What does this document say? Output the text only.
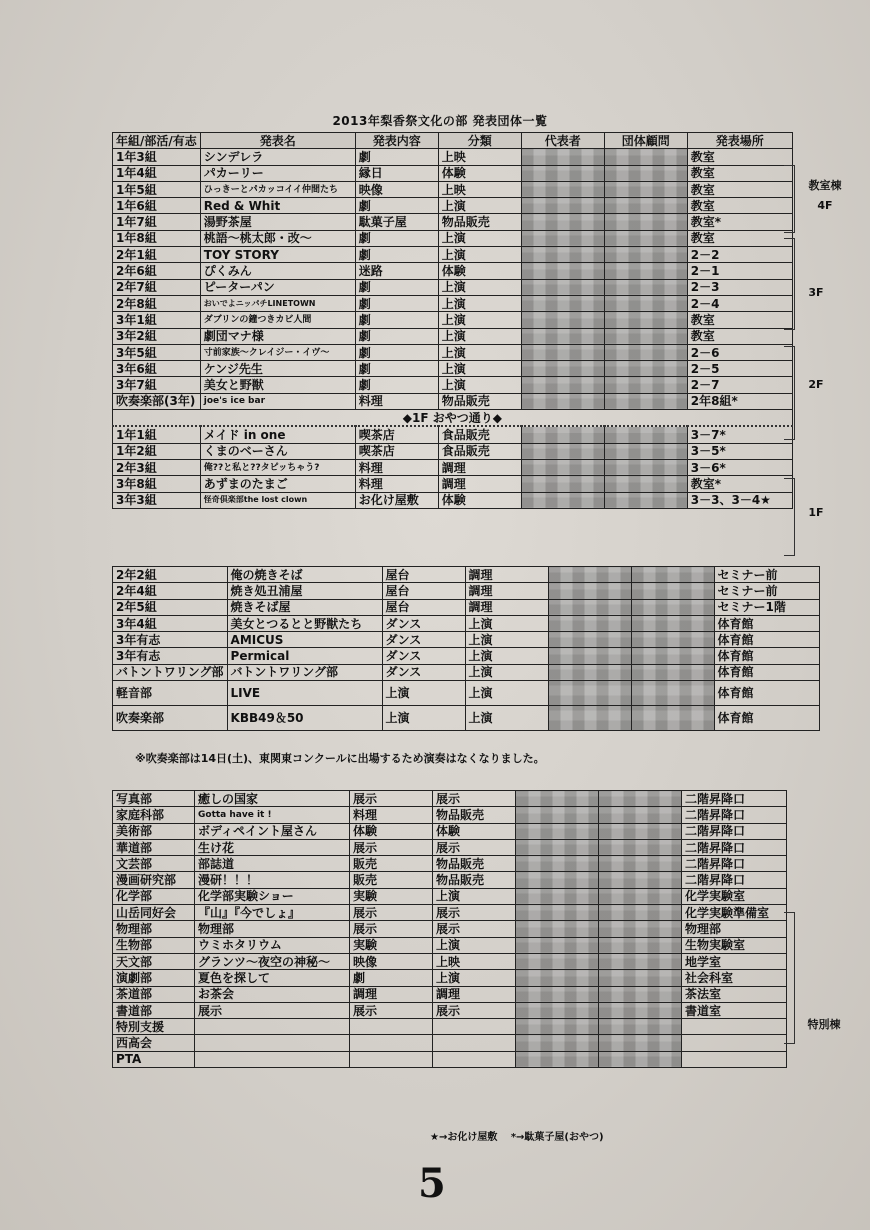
2013年梨香祭文化の部 発表団体一覧
年組/部活/有志	発表名	発表内容	分類	代表者	団体顧問	発表場所
1年3組	シンデレラ	劇	上映			教室
1年4組	パカーリー	縁日	体験			教室
1年5組	ひっきーとパカッコイイ仲間たち	映像	上映			教室
1年6組	Red & Whit	劇	上演			教室
1年7組	湯野茶屋	駄菓子屋	物品販売			教室*
1年8組	桃語～桃太郎・改～	劇	上演			教室
2年1組	TOY STORY	劇	上演			2－2
2年6組	ぴくみん	迷路	体験			2－1
2年7組	ピーターパン	劇	上演			2－3
2年8組	おいでよニッパチLINETOWN	劇	上演			2－4
3年1組	ダブリンの鐘つきカビ人間	劇	上演			教室
3年2組	劇団マナ様	劇	上演			教室
3年5組	寸前家族～クレイジー・イヴ～	劇	上演			2－6
3年6組	ケンジ先生	劇	上演			2－5
3年7組	美女と野獣	劇	上演			2－7
吹奏楽部(3年)	joe's ice bar	料理	物品販売			2年8組*
◆1F おやつ通り◆						
1年1組	メイド in one	喫茶店	食品販売			3－7*
1年2組	くまのベーさん	喫茶店	食品販売			3－5*
2年3組	俺??と私と??タピッちゃう?	料理	調理			3－6*
3年8組	あずまのたまご	料理	調理			教室*
3年3組	怪奇倶楽部the lost clown	お化け屋敷	体験			3－3、3－4★
2年2組	俺の焼きそば	屋台	調理			セミナー前
2年4組	焼き処丑浦屋	屋台	調理			セミナー前
2年5組	焼きそば屋	屋台	調理			セミナー1階
3年4組	美女とつるとと野獣たち	ダンス	上演			体育館
3年有志	AMICUS	ダンス	上演			体育館
3年有志	Permical	ダンス	上演			体育館
バトントワリング部	バトントワリング部	ダンス	上演			体育館
軽音部	LIVE	上演	上演			体育館
吹奏楽部	KBB49＆50	上演	上演			体育館
※吹奏楽部は14日(土)、東関東コンクールに出場するため演奏はなくなりました。
写真部	癒しの国家	展示	展示			二階昇降口
家庭科部	Gotta have it !	料理	物品販売			二階昇降口
美術部	ボディペイント屋さん	体験	体験			二階昇降口
華道部	生け花	展示	展示			二階昇降口
文芸部	部誌道	販売	物品販売			二階昇降口
漫画研究部	漫研！！！	販売	物品販売			二階昇降口
化学部	化学部実験ショー	実験	上演			化学実験室
山岳同好会	『山』『今でしょ』	展示	展示			化学実験準備室
物理部	物理部	展示	展示			物理部
生物部	ウミホタリウム	実験	上演			生物実験室
天文部	グランツ～夜空の神秘～	映像	上映			地学室
演劇部	夏色を探して	劇	上演			社会科室
茶道部	お茶会	調理	調理			茶法室
書道部	展示	展示	展示			書道室
特別支援						
西高会						
PTA						
教室棟
4F
3F
2F
1F
特別棟
★→お化け屋敷　 *→駄菓子屋(おやつ)
5
